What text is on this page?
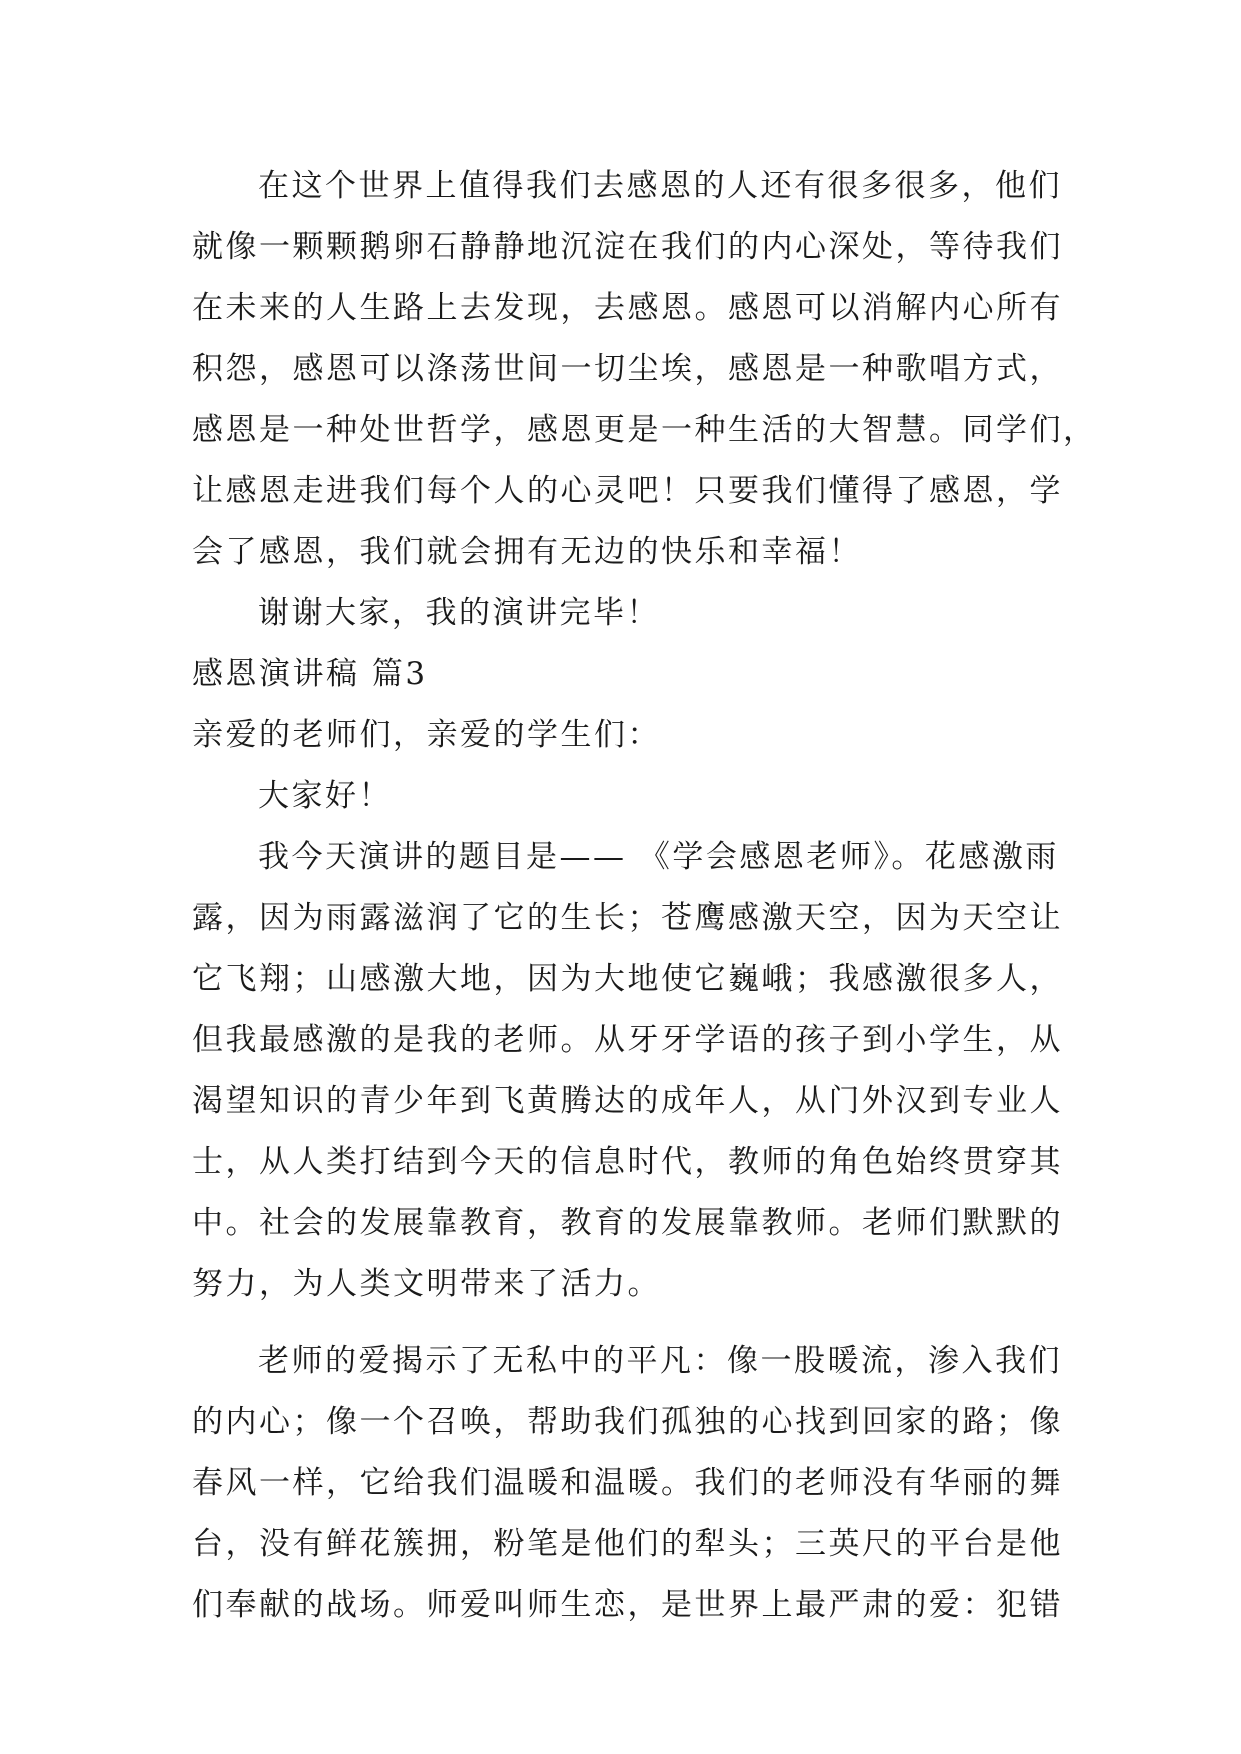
在这个世界上值得我们去感恩的人还有很多很多，他们
就像一颗颗鹅卵石静静地沉淀在我们的内心深处，等待我们
在未来的人生路上去发现，去感恩。感恩可以消解内心所有
积怨，感恩可以涤荡世间一切尘埃，感恩是一种歌唱方式，
感恩是一种处世哲学，感恩更是一种生活的大智慧。同学们，
让感恩走进我们每个人的心灵吧！只要我们懂得了感恩，学
会了感恩，我们就会拥有无边的快乐和幸福！
谢谢大家，我的演讲完毕！
感恩演讲稿 篇3
亲爱的老师们，亲爱的学生们：
大家好！
我今天演讲的题目是—— 《学会感恩老师》。花感激雨
露，因为雨露滋润了它的生长；苍鹰感激天空，因为天空让
它飞翔；山感激大地，因为大地使它巍峨；我感激很多人，
但我最感激的是我的老师。从牙牙学语的孩子到小学生，从
渴望知识的青少年到飞黄腾达的成年人，从门外汉到专业人
士，从人类打结到今天的信息时代，教师的角色始终贯穿其
中。社会的发展靠教育，教育的发展靠教师。老师们默默的
努力，为人类文明带来了活力。
老师的爱揭示了无私中的平凡：像一股暖流，渗入我们
的内心；像一个召唤，帮助我们孤独的心找到回家的路；像
春风一样，它给我们温暖和温暖。我们的老师没有华丽的舞
台，没有鲜花簇拥，粉笔是他们的犁头；三英尺的平台是他
们奉献的战场。师爱叫师生恋，是世界上最严肃的爱：犯错
